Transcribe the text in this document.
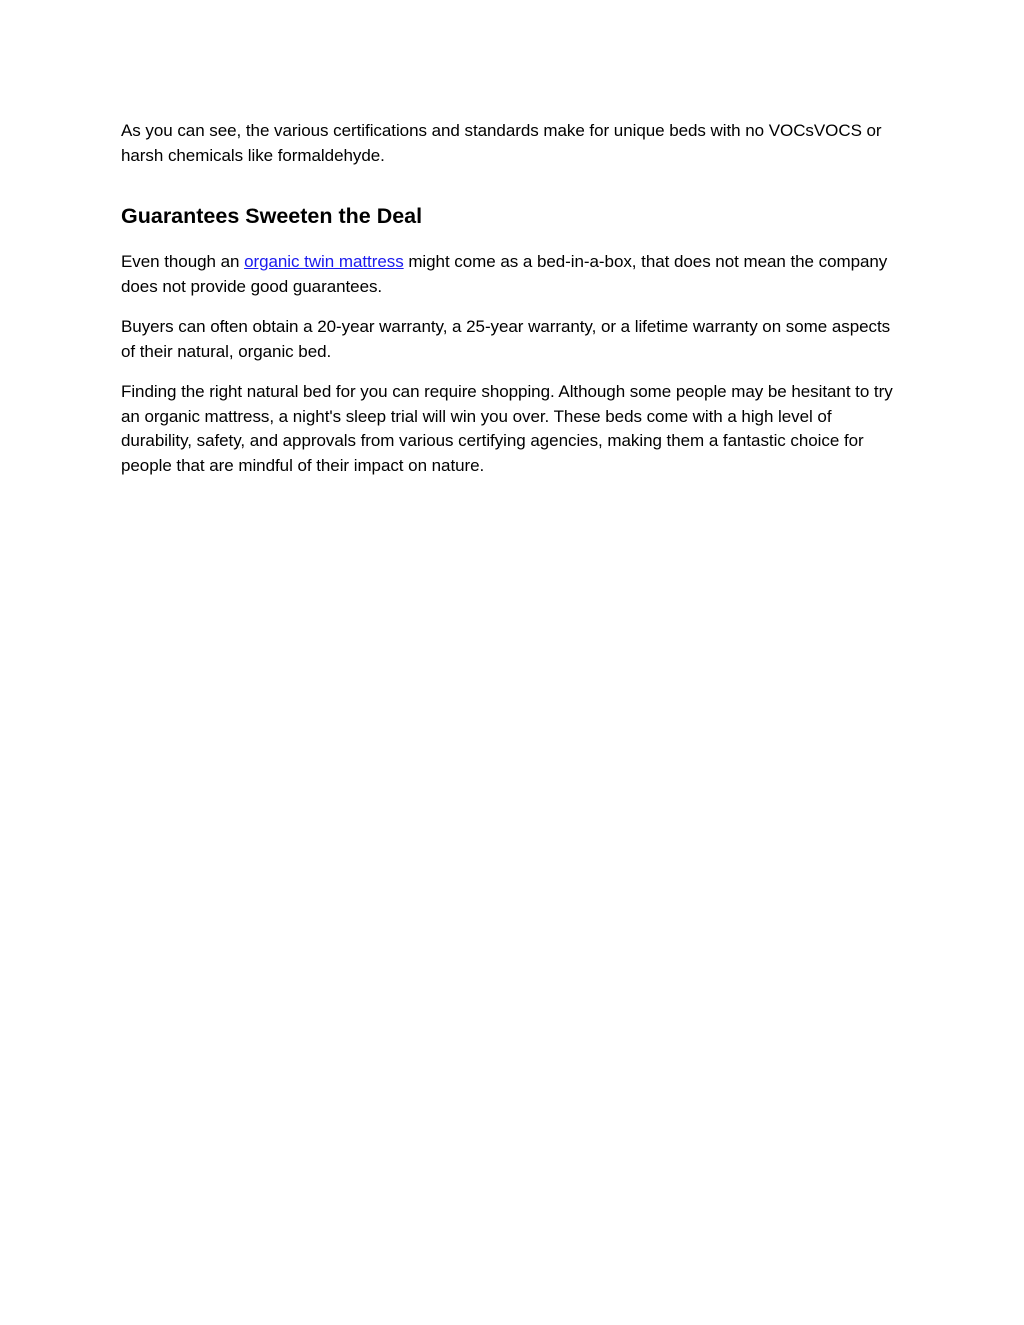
As you can see, the various certifications and standards make for unique beds with no VOCsVOCS or harsh chemicals like formaldehyde.

Guarantees Sweeten the Deal

Even though an organic twin mattress might come as a bed-in-a-box, that does not mean the company does not provide good guarantees.

Buyers can often obtain a 20-year warranty, a 25-year warranty, or a lifetime warranty on some aspects of their natural, organic bed.

Finding the right natural bed for you can require shopping. Although some people may be hesitant to try an organic mattress, a night's sleep trial will win you over. These beds come with a high level of durability, safety, and approvals from various certifying agencies, making them a fantastic choice for people that are mindful of their impact on nature.
